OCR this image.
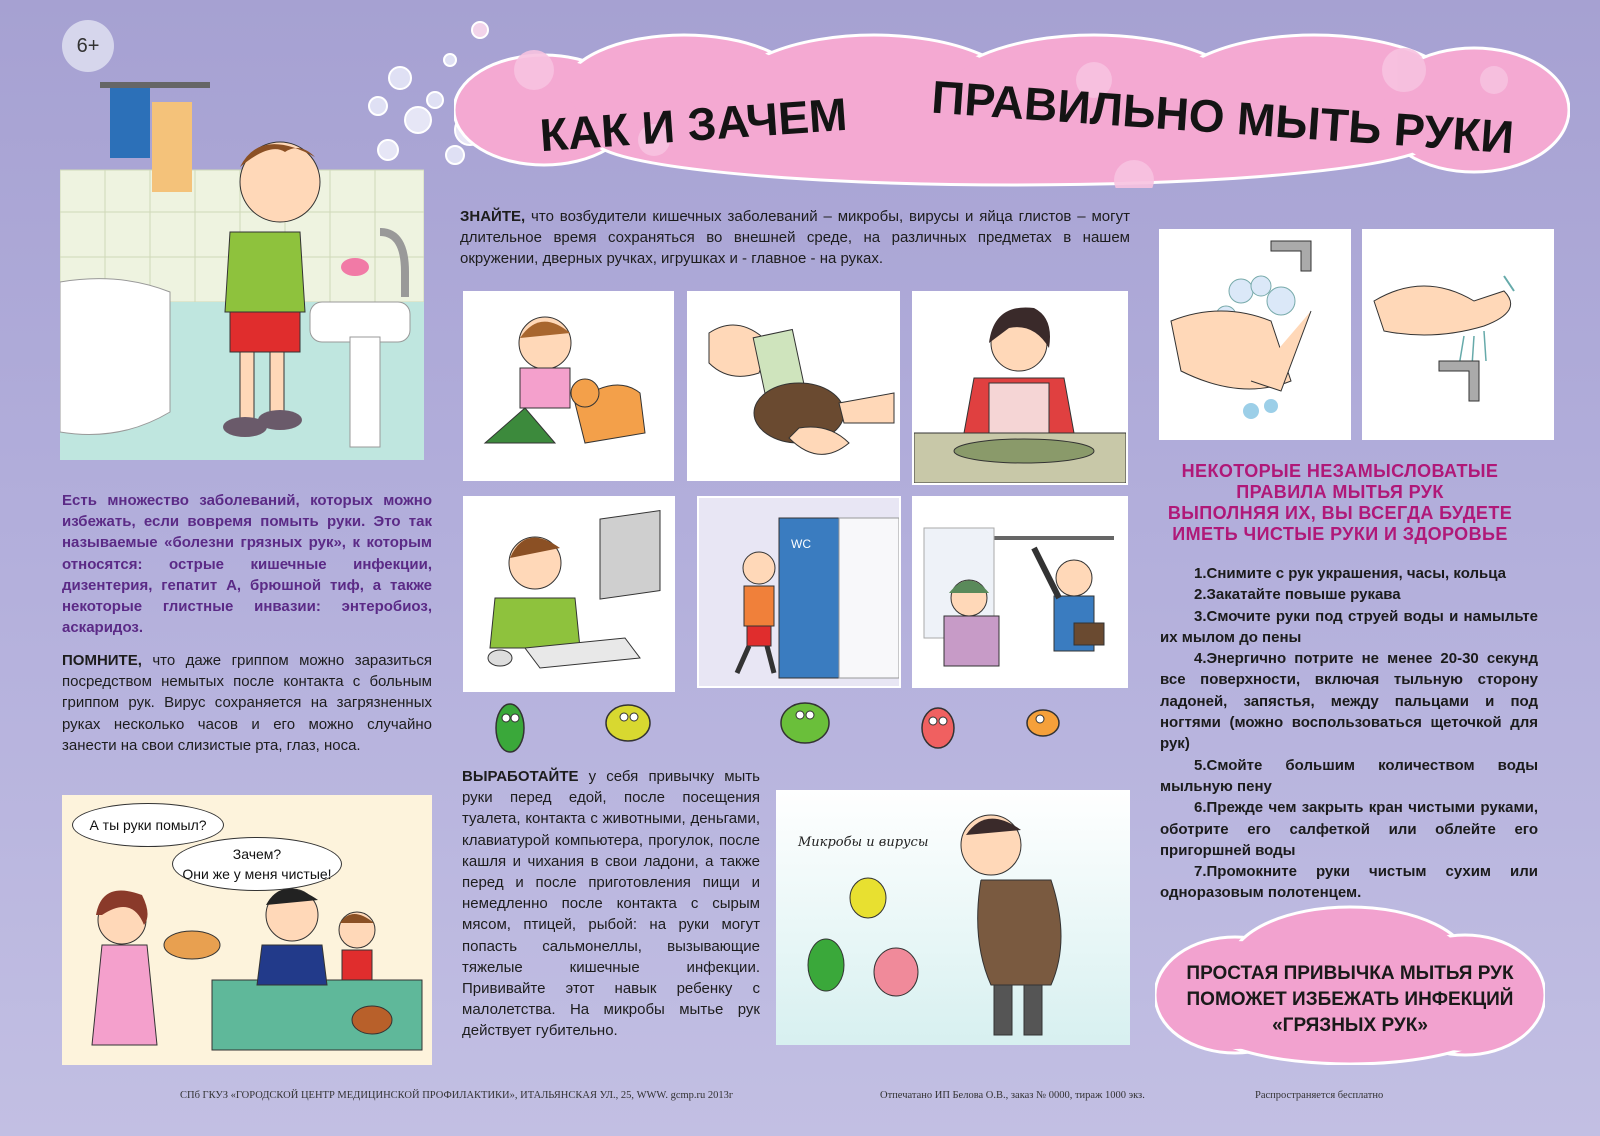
6+
КАК И ЗАЧЕМ ПРАВИЛЬНО МЫТЬ РУКИ
ЗНАЙТЕ, что возбудители кишечных заболеваний – микробы, вирусы и яйца глистов – могут длительное время сохраняться во внешней среде, на различных предметах в нашем окружении, дверных ручках, игрушках и - главное - на руках.
WC
НЕКОТОРЫЕ НЕЗАМЫСЛОВАТЫЕ
ПРАВИЛА МЫТЬЯ РУК
ВЫПОЛНЯЯ ИХ, ВЫ ВСЕГДА БУДЕТЕ
ИМЕТЬ ЧИСТЫЕ РУКИ И ЗДОРОВЬЕ

1.Снимите с рук украшения, часы, кольца

2.Закатайте повыше рукава

3.Смочите руки под струей воды и намыльте их мылом до пены

4.Энергично потрите не менее 20-30 секунд все поверхности, включая тыльную сторону ладоней, запястья, между пальцами и под ногтями (можно воспользоваться щеточкой для рук)

5.Смойте большим количеством воды мыльную пену

6.Прежде чем закрыть кран чистыми руками, оботрите его салфеткой или облейте его пригоршней воды

7.Промокните руки чистым сухим или одноразовым полотенцем.

Есть множество заболеваний, которых можно избежать, если вовремя помыть руки. Это так называемые «болезни грязных рук», к которым относятся: острые кишечные инфекции, дизентерия, гепатит А, брюшной тиф, а также некоторые глистные инвазии: энтеробиоз, аскаридоз.
ПОМНИТЕ, что даже гриппом можно заразиться посредством немытых после контакта с больным гриппом рук. Вирус сохраняется на загрязненных руках несколько часов и его можно случайно занести на свои слизистые рта, глаз, носа.
А ты руки помыл?
Зачем?
Они же у меня чистые!
ВЫРАБОТАЙТЕ у себя привычку мыть руки перед едой, после посещения туалета, контакта с животными, деньгами, клавиатурой компьютера, прогулок, после кашля и чихания в свои ладони, а также перед и после приготовления пищи и немедленно после контакта с сырым мясом, птицей, рыбой: на руки могут попасть сальмонеллы, вызывающие тяжелые кишечные инфекции. Прививайте этот навык ребенку с малолетства. На микробы мытье рук действует губительно.
Микробы и вирусы
ПРОСТАЯ ПРИВЫЧКА МЫТЬЯ РУК
ПОМОЖЕТ ИЗБЕЖАТЬ ИНФЕКЦИЙ
«ГРЯЗНЫХ РУК»
СПб ГКУЗ «ГОРОДСКОЙ ЦЕНТР МЕДИЦИНСКОЙ ПРОФИЛАКТИКИ», ИТАЛЬЯНСКАЯ УЛ., 25, WWW. gcmp.ru 2013г	Отпечатано ИП Белова О.В., заказ № 0000, тираж 1000 экз.	Распространяется бесплатно
